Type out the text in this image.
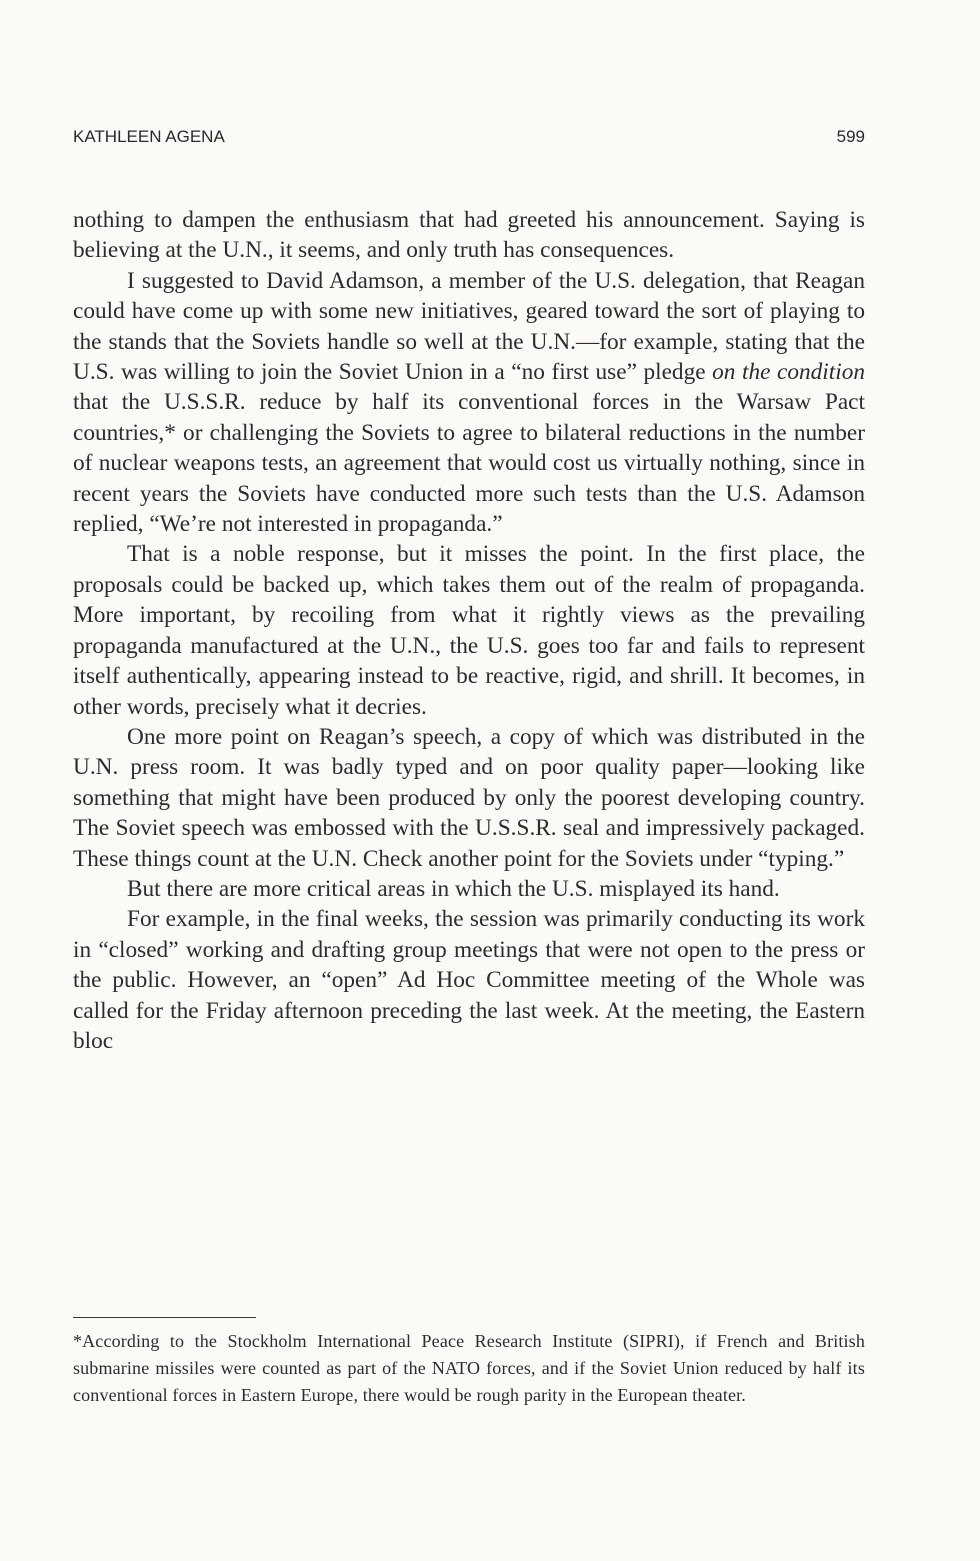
KATHLEEN AGENA	599

nothing to dampen the enthusiasm that had greeted his announcement. Saying is believing at the U.N., it seems, and only truth has consequences.

I suggested to David Adamson, a member of the U.S. delegation, that Reagan could have come up with some new initiatives, geared toward the sort of playing to the stands that the Soviets handle so well at the U.N.—for example, stating that the U.S. was willing to join the Soviet Union in a “no first use” pledge on the condition that the U.S.S.R. reduce by half its conventional forces in the Warsaw Pact countries,* or challenging the Soviets to agree to bilateral reductions in the number of nuclear weapons tests, an agreement that would cost us virtually nothing, since in recent years the Soviets have conducted more such tests than the U.S. Adamson replied, “We’re not interested in propaganda.”

That is a noble response, but it misses the point. In the first place, the proposals could be backed up, which takes them out of the realm of propaganda. More important, by recoiling from what it rightly views as the prevailing propaganda manufactured at the U.N., the U.S. goes too far and fails to represent itself authentically, appearing instead to be reactive, rigid, and shrill. It becomes, in other words, precisely what it decries.

One more point on Reagan’s speech, a copy of which was distributed in the U.N. press room. It was badly typed and on poor quality paper—looking like something that might have been produced by only the poorest developing country. The Soviet speech was embossed with the U.S.S.R. seal and impressively packaged. These things count at the U.N. Check another point for the Soviets under “typing.”

But there are more critical areas in which the U.S. misplayed its hand.

For example, in the final weeks, the session was primarily conducting its work in “closed” working and drafting group meetings that were not open to the press or the public. However, an “open” Ad Hoc Committee meeting of the Whole was called for the Friday afternoon preceding the last week. At the meeting, the Eastern bloc

*According to the Stockholm International Peace Research Institute (SIPRI), if French and British submarine missiles were counted as part of the NATO forces, and if the Soviet Union reduced by half its conventional forces in Eastern Europe, there would be rough parity in the European theater.
